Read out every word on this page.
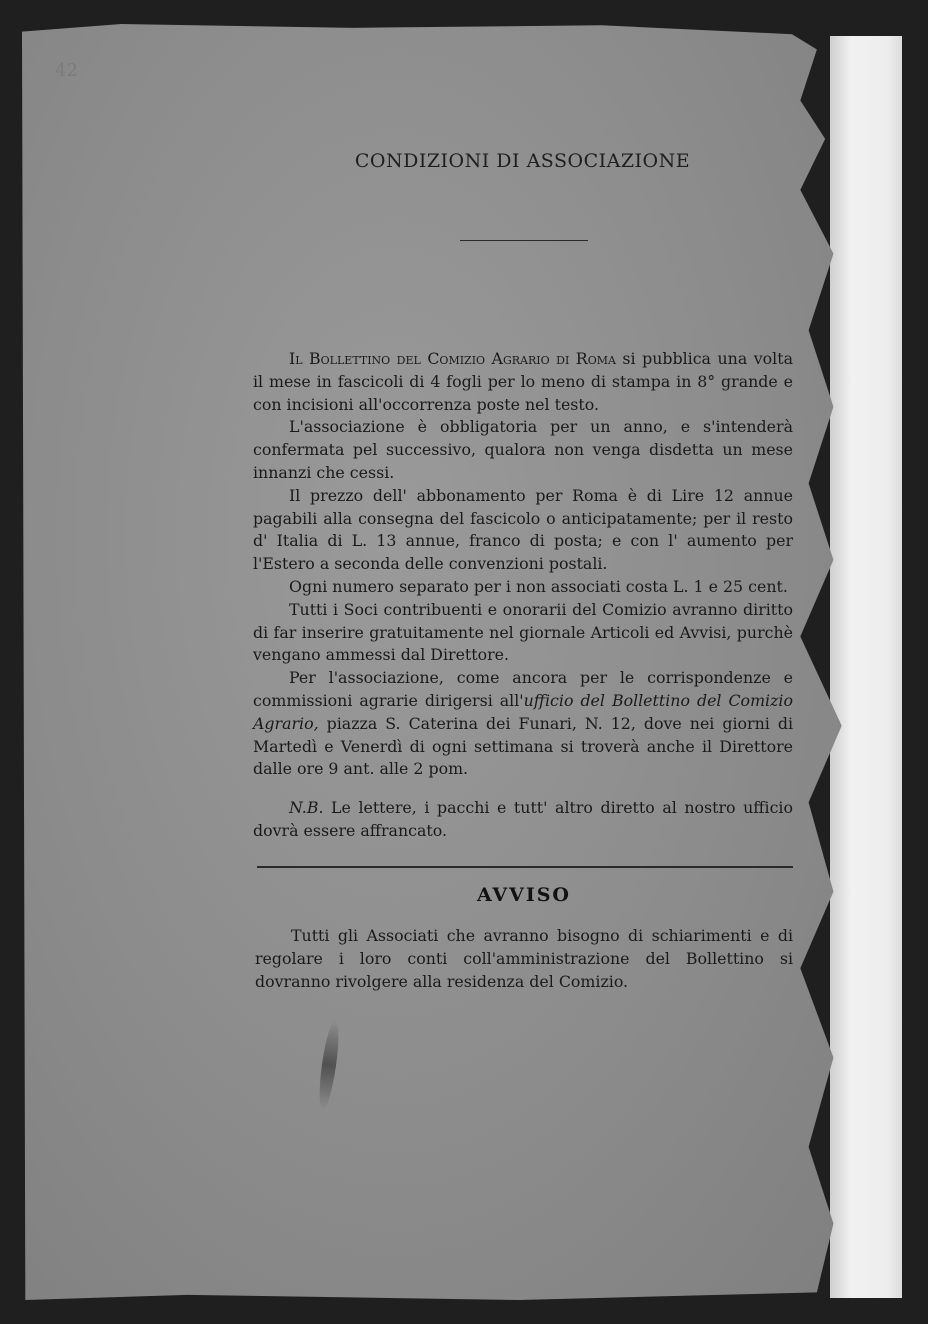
42
CONDIZIONI DI ASSOCIAZIONE

Il Bollettino del Comizio Agrario di Roma si pubblica una volta il mese in fascicoli di 4 fogli per lo meno di stampa in 8° grande e con incisioni all'occorrenza poste nel testo.

L'associazione è obbligatoria per un anno, e s'intenderà confermata pel successivo, qualora non venga disdetta un mese innanzi che cessi.

Il prezzo dell' abbonamento per Roma è di Lire 12 annue pagabili alla consegna del fascicolo o anticipatamente; per il resto d' Italia di L. 13 annue, franco di posta; e con l' aumento per l'Estero a seconda delle convenzioni postali.

Ogni numero separato per i non associati costa L. 1 e 25 cent.

Tutti i Soci contribuenti e onorarii del Comizio avranno diritto di far inserire gratuitamente nel giornale Articoli ed Avvisi, purchè vengano ammessi dal Direttore.

Per l'associazione, come ancora per le corrispondenze e commissioni agrarie dirigersi all'ufficio del Bollettino del Comizio Agrario, piazza S. Caterina dei Funari, N. 12, dove nei giorni di Martedì e Venerdì di ogni settimana si troverà anche il Direttore dalle ore 9 ant. alle 2 pom.

N.B. Le lettere, i pacchi e tutt' altro diretto al nostro ufficio dovrà essere affrancato.

AVVISO

Tutti gli Associati che avranno bisogno di schiarimenti e di regolare i loro conti coll'amministrazione del Bollettino si dovranno rivolgere alla residenza del Comizio.
